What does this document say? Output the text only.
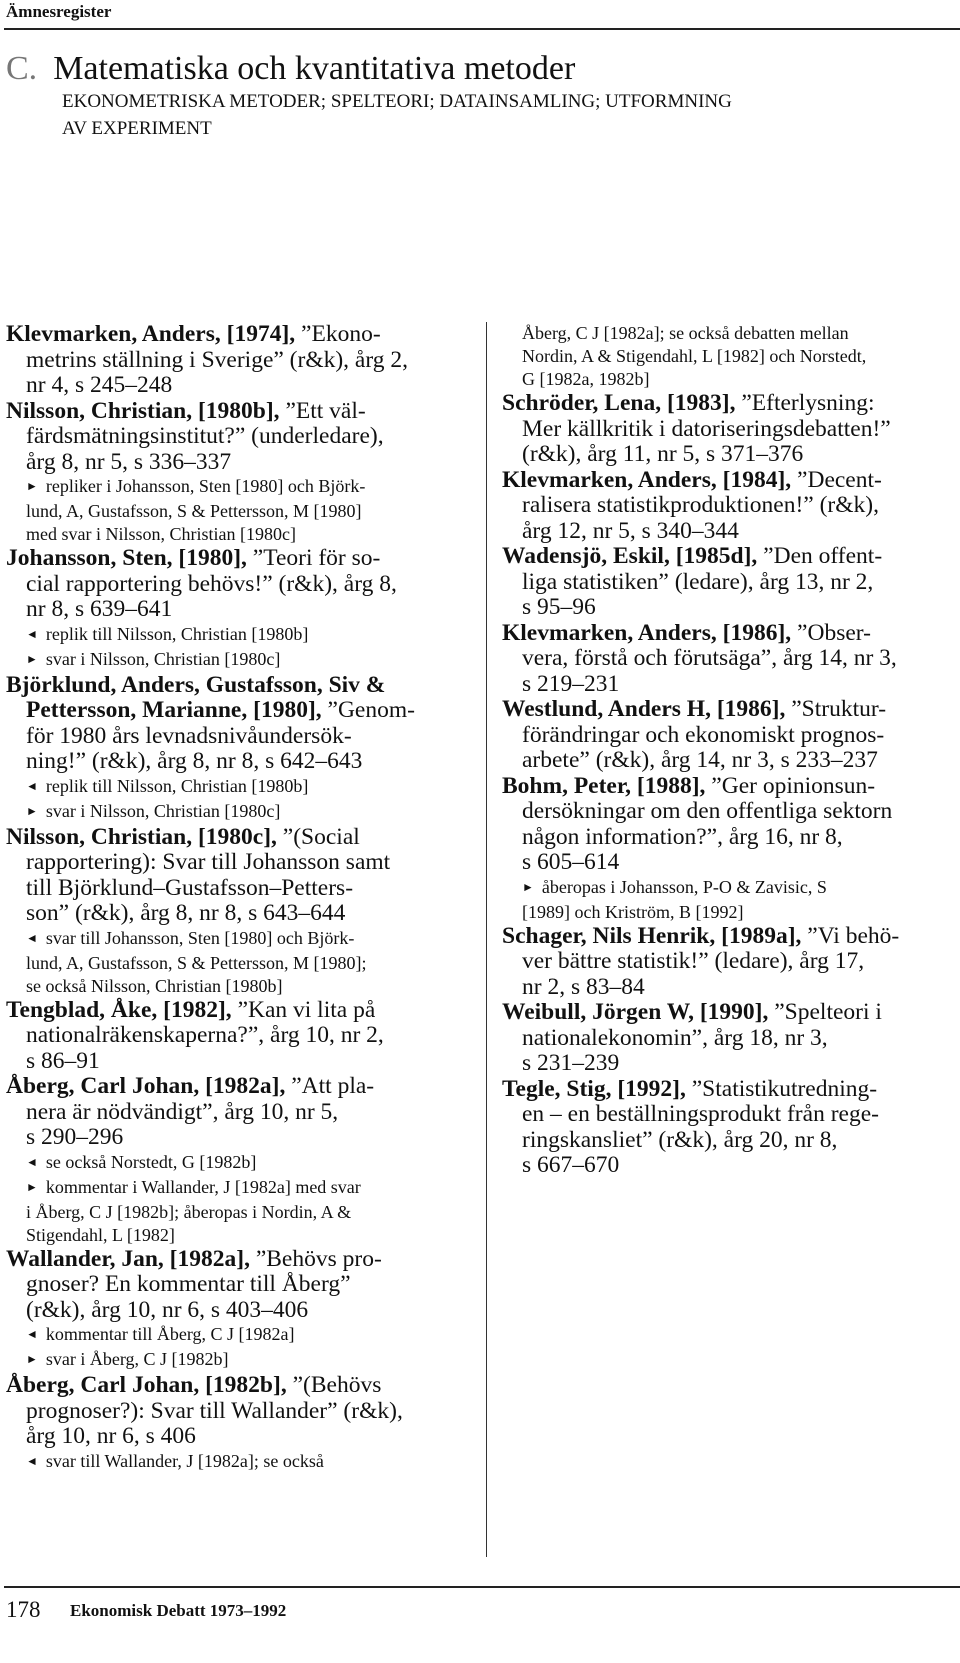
Ämnesregister
C. Matematiska och kvantitativa metoder
EKONOMETRISKA METODER; SPELTEORI; DATAINSAMLING; UTFORMNING
AV EXPERIMENT
Klevmarken, Anders, [1974], ”Ekono-
metrins ställning i Sverige” (r&k), årg 2,
nr 4, s 245–248
Nilsson, Christian, [1980b], ”Ett väl-
färdsmätningsinstitut?” (underledare),
årg 8, nr 5, s 336–337
► repliker i Johansson, Sten [1980] och Björk-
lund, A, Gustafsson, S & Pettersson, M [1980]
med svar i Nilsson, Christian [1980c]
Johansson, Sten, [1980], ”Teori för so-
cial rapportering behövs!” (r&k), årg 8,
nr 8, s 639–641
◄ replik till Nilsson, Christian [1980b]
► svar i Nilsson, Christian [1980c]
Björklund, Anders, Gustafsson, Siv &
Pettersson, Marianne, [1980], ”Genom-
för 1980 års levnadsnivåundersök-
ning!” (r&k), årg 8, nr 8, s 642–643
◄ replik till Nilsson, Christian [1980b]
► svar i Nilsson, Christian [1980c]
Nilsson, Christian, [1980c], ”(Social
rapportering): Svar till Johansson samt
till Björklund–Gustafsson–Petters-
son” (r&k), årg 8, nr 8, s 643–644
◄ svar till Johansson, Sten [1980] och Björk-
lund, A, Gustafsson, S & Pettersson, M [1980];
se också Nilsson, Christian [1980b]
Tengblad, Åke, [1982], ”Kan vi lita på
nationalräkenskaperna?”, årg 10, nr 2,
s 86–91
Åberg, Carl Johan, [1982a], ”Att pla-
nera är nödvändigt”, årg 10, nr 5,
s 290–296
◄ se också Norstedt, G [1982b]
► kommentar i Wallander, J [1982a] med svar
i Åberg, C J [1982b]; åberopas i Nordin, A &
Stigendahl, L [1982]
Wallander, Jan, [1982a], ”Behövs pro-
gnoser? En kommentar till Åberg”
(r&k), årg 10, nr 6, s 403–406
◄ kommentar till Åberg, C J [1982a]
► svar i Åberg, C J [1982b]
Åberg, Carl Johan, [1982b], ”(Behövs
prognoser?): Svar till Wallander” (r&k),
årg 10, nr 6, s 406
◄ svar till Wallander, J [1982a]; se också
Åberg, C J [1982a]; se också debatten mellan
Nordin, A & Stigendahl, L [1982] och Norstedt,
G [1982a, 1982b]
Schröder, Lena, [1983], ”Efterlysning:
Mer källkritik i datoriseringsdebatten!”
(r&k), årg 11, nr 5, s 371–376
Klevmarken, Anders, [1984], ”Decent-
ralisera statistikproduktionen!” (r&k),
årg 12, nr 5, s 340–344
Wadensjö, Eskil, [1985d], ”Den offent-
liga statistiken” (ledare), årg 13, nr 2,
s 95–96
Klevmarken, Anders, [1986], ”Obser-
vera, förstå och förutsäga”, årg 14, nr 3,
s 219–231
Westlund, Anders H, [1986], ”Struktur-
förändringar och ekonomiskt prognos-
arbete” (r&k), årg 14, nr 3, s 233–237
Bohm, Peter, [1988], ”Ger opinionsun-
dersökningar om den offentliga sektorn
någon information?”, årg 16, nr 8,
s 605–614
► åberopas i Johansson, P-O & Zavisic, S
[1989] och Kriström, B [1992]
Schager, Nils Henrik, [1989a], ”Vi behö-
ver bättre statistik!” (ledare), årg 17,
nr 2, s 83–84
Weibull, Jörgen W, [1990], ”Spelteori i
nationalekonomin”, årg 18, nr 3,
s 231–239
Tegle, Stig, [1992], ”Statistikutredning-
en – en beställningsprodukt från rege-
ringskansliet” (r&k), årg 20, nr 8,
s 667–670
178 Ekonomisk Debatt 1973–1992
